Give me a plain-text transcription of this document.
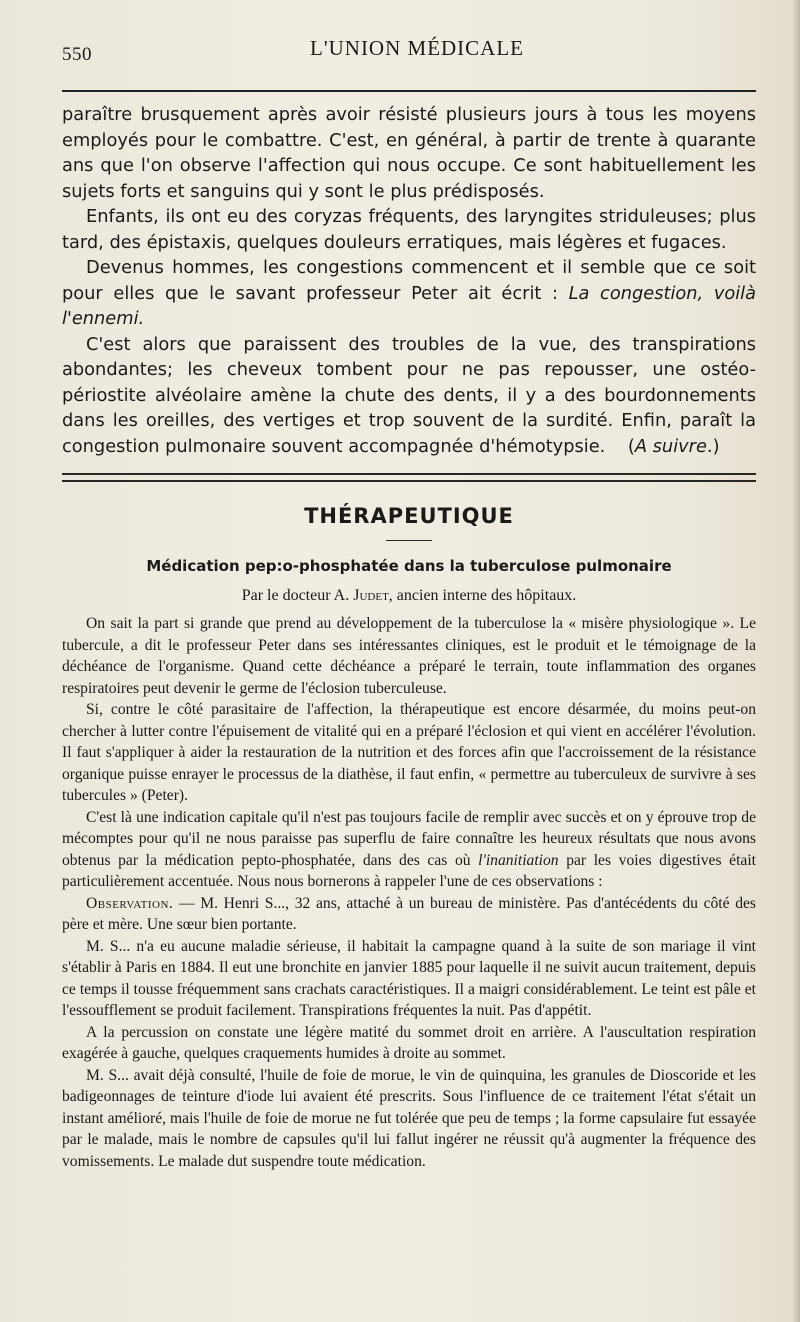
550	L'UNION MÉDICALE

paraître brusquement après avoir résisté plusieurs jours à tous les moyens employés pour le combattre. C'est, en général, à partir de trente à quarante ans que l'on observe l'affection qui nous occupe. Ce sont habituellement les sujets forts et sanguins qui y sont le plus prédisposés.

Enfants, ils ont eu des coryzas fréquents, des laryngites striduleuses; plus tard, des épistaxis, quelques douleurs erratiques, mais légères et fugaces.

Devenus hommes, les congestions commencent et il semble que ce soit pour elles que le savant professeur Peter ait écrit : La congestion, voilà l'ennemi.

C'est alors que paraissent des troubles de la vue, des transpirations abondantes; les cheveux tombent pour ne pas repousser, une ostéo-périostite alvéolaire amène la chute des dents, il y a des bourdonnements dans les oreilles, des vertiges et trop souvent de la surdité. Enfin, paraît la congestion pulmonaire souvent accompagnée d'hémotypsie. (A suivre.)

THÉRAPEUTIQUE
Médication pep:o-phosphatée dans la tuberculose pulmonaire
Par le docteur A. Judet, ancien interne des hôpitaux.

On sait la part si grande que prend au développement de la tuberculose la « misère physiologique ». Le tubercule, a dit le professeur Peter dans ses intéressantes cliniques, est le produit et le témoignage de la déchéance de l'organisme. Quand cette déchéance a préparé le terrain, toute inflammation des organes respiratoires peut devenir le germe de l'éclosion tuberculeuse.

Si, contre le côté parasitaire de l'affection, la thérapeutique est encore désarmée, du moins peut-on chercher à lutter contre l'épuisement de vitalité qui en a préparé l'éclosion et qui vient en accélérer l'évolution. Il faut s'appliquer à aider la restauration de la nutrition et des forces afin que l'accroissement de la résistance organique puisse enrayer le processus de la diathèse, il faut enfin, « permettre au tuberculeux de survivre à ses tubercules » (Peter).

C'est là une indication capitale qu'il n'est pas toujours facile de remplir avec succès et on y éprouve trop de mécomptes pour qu'il ne nous paraisse pas superflu de faire connaître les heureux résultats que nous avons obtenus par la médication pepto-phosphatée, dans des cas où l'inanitiation par les voies digestives était particulièrement accentuée. Nous nous bornerons à rappeler l'une de ces observations :

Observation. — M. Henri S..., 32 ans, attaché à un bureau de ministère. Pas d'antécédents du côté des père et mère. Une sœur bien portante.

M. S... n'a eu aucune maladie sérieuse, il habitait la campagne quand à la suite de son mariage il vint s'établir à Paris en 1884. Il eut une bronchite en janvier 1885 pour laquelle il ne suivit aucun traitement, depuis ce temps il tousse fréquemment sans crachats caractéristiques. Il a maigri considérablement. Le teint est pâle et l'essoufflement se produit facilement. Transpirations fréquentes la nuit. Pas d'appétit.

A la percussion on constate une légère matité du sommet droit en arrière. A l'auscultation respiration exagérée à gauche, quelques craquements humides à droite au sommet.

M. S... avait déjà consulté, l'huile de foie de morue, le vin de quinquina, les granules de Dioscoride et les badigeonnages de teinture d'iode lui avaient été prescrits. Sous l'influence de ce traitement l'état s'était un instant amélioré, mais l'huile de foie de morue ne fut tolérée que peu de temps ; la forme capsulaire fut essayée par le malade, mais le nombre de capsules qu'il lui fallut ingérer ne réussit qu'à augmenter la fréquence des vomissements. Le malade dut suspendre toute médication.
